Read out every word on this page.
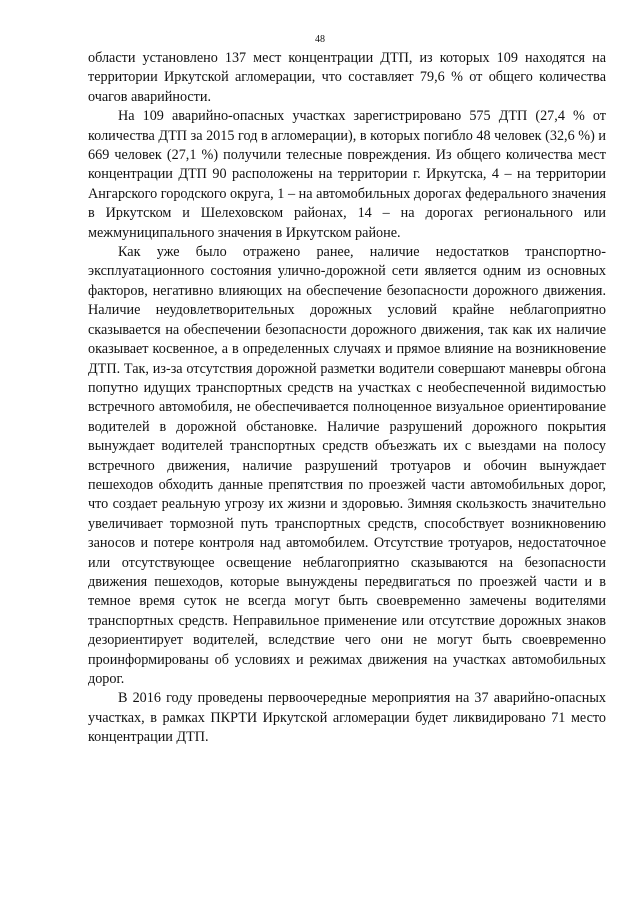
48

области установлено 137 мест концентрации ДТП, из которых 109 находятся на территории Иркутской агломерации, что составляет 79,6 % от общего количества очагов аварийности.

На 109 аварийно-опасных участках зарегистрировано 575 ДТП (27,4 % от количества ДТП за 2015 год в агломерации), в которых погибло 48 человек (32,6 %) и 669 человек (27,1 %) получили телесные повреждения. Из общего количества мест концентрации ДТП 90 расположены на территории г. Иркутска, 4 – на территории Ангарского городского округа, 1 – на автомобильных дорогах федерального значения в Иркутском и Шелеховском районах, 14 – на дорогах регионального или межмуниципального значения в Иркутском районе.

Как уже было отражено ранее, наличие недостатков транспортно-эксплуатационного состояния улично-дорожной сети является одним из основных факторов, негативно влияющих на обеспечение безопасности дорожного движения. Наличие неудовлетворительных дорожных условий крайне неблагоприятно сказывается на обеспечении безопасности дорожного движения, так как их наличие оказывает косвенное, а в определенных случаях и прямое влияние на возникновение ДТП. Так, из-за отсутствия дорожной разметки водители совершают маневры обгона попутно идущих транспортных средств на участках с необеспеченной видимостью встречного автомобиля, не обеспечивается полноценное визуальное ориентирование водителей в дорожной обстановке. Наличие разрушений дорожного покрытия вынуждает водителей транспортных средств объезжать их с выездами на полосу встречного движения, наличие разрушений тротуаров и обочин вынуждает пешеходов обходить данные препятствия по проезжей части автомобильных дорог, что создает реальную угрозу их жизни и здоровью. Зимняя скользкость значительно увеличивает тормозной путь транспортных средств, способствует возникновению заносов и потере контроля над автомобилем. Отсутствие тротуаров, недостаточное или отсутствующее освещение неблагоприятно сказываются на безопасности движения пешеходов, которые вынуждены передвигаться по проезжей части и в темное время суток не всегда могут быть своевременно замечены водителями транспортных средств. Неправильное применение или отсутствие дорожных знаков дезориентирует водителей, вследствие чего они не могут быть своевременно проинформированы об условиях и режимах движения на участках автомобильных дорог.

В 2016 году проведены первоочередные мероприятия на 37 аварийно-опасных участках, в рамках ПКРТИ Иркутской агломерации будет ликвидировано 71 место концентрации ДТП.
